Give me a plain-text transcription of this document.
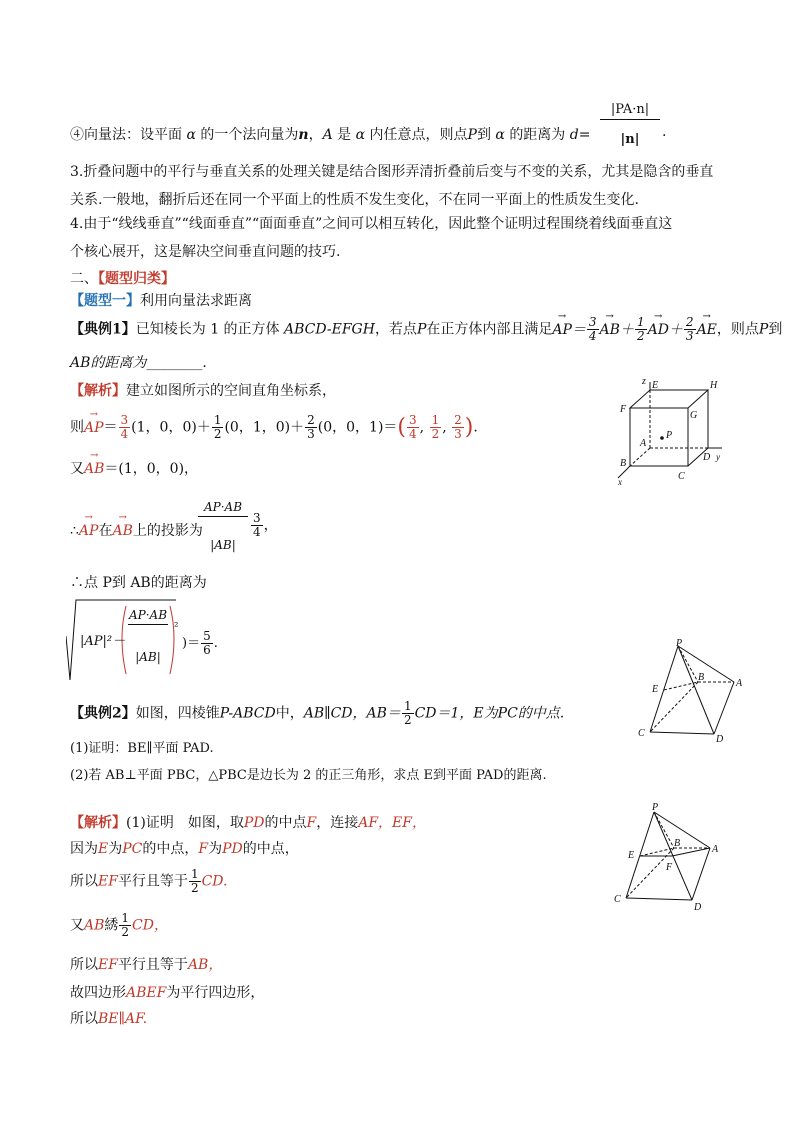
④向量法：设平面 α 的一个法向量为n，A 是 α 内任意点，则点P到 α 的距离为 d=
|PA·n|
|n|	.
3.折叠问题中的平行与垂直关系的处理关键是结合图形弄清折叠前后变与不变的关系，尤其是隐含的垂直
关系.一般地，翻折后还在同一个平面上的性质不发生变化，不在同一平面上的性质发生变化.
4.由于“线线垂直”“线面垂直”“面面垂直”之间可以相互转化，因此整个证明过程围绕着线面垂直这
个核心展开，这是解决空间垂直问题的技巧.
二、【题型归类】
【题型一】利用向量法求距离
【典例1】已知棱长为 1 的正方体 ABCD-EFGH，若点P在正方体内部且满足→ $AP= \frac{3}{4}$
→ $AB+ \frac{1}{2}$
→ $AD+ \frac{2}{3}$
→ AE，则点P到
AB的距离为________.
【解析】建立如图所示的空间直角坐标系，
则→ $AP= \frac{3}{4} (1$，0，$0)+ \frac{1}{2} (0$，1，$0)+ \frac{2}{3} (0$，0，$1)=( \frac{3}{4}$ , $\frac{1}{2}$ , $\frac{2}{3}$ ).
又→ AB＝(1，0，0)，
∴→ AP在→ AB上的投影为
AP·AB
|AB|
$\frac{3}{4}$ ，
∴点 P到 AB的距离为
|AP|²－
AP·AB
|AB|
²
)＝ $\frac{5}{6}$ .
【典例2】如图，四棱锥P-ABCD中，AB∥CD，$AB= \frac{1}{2} CD=1$，E为PC的中点.
(1)证明：BE∥平面 PAD.
(2)若 AB⊥平面 PBC，△PBC是边长为 2 的正三角形，求点 E到平面 PAD的距离.
【解析】(1)证明　如图，取PD的中点F，连接AF，EF，
因为E为PC的中点，F为PD的中点，
所以EF平行且等于 $\frac{1}{2}$ CD.
又AB綉 $\frac{1}{2}$ CD，
所以EF平行且等于AB，
故四边形ABEF为平行四边形，
所以BE∥AF.
z E	H
F
G
A
P
B
D y
C
x
P
E
B
A
C
D
P
E
B
A
F
C
D
